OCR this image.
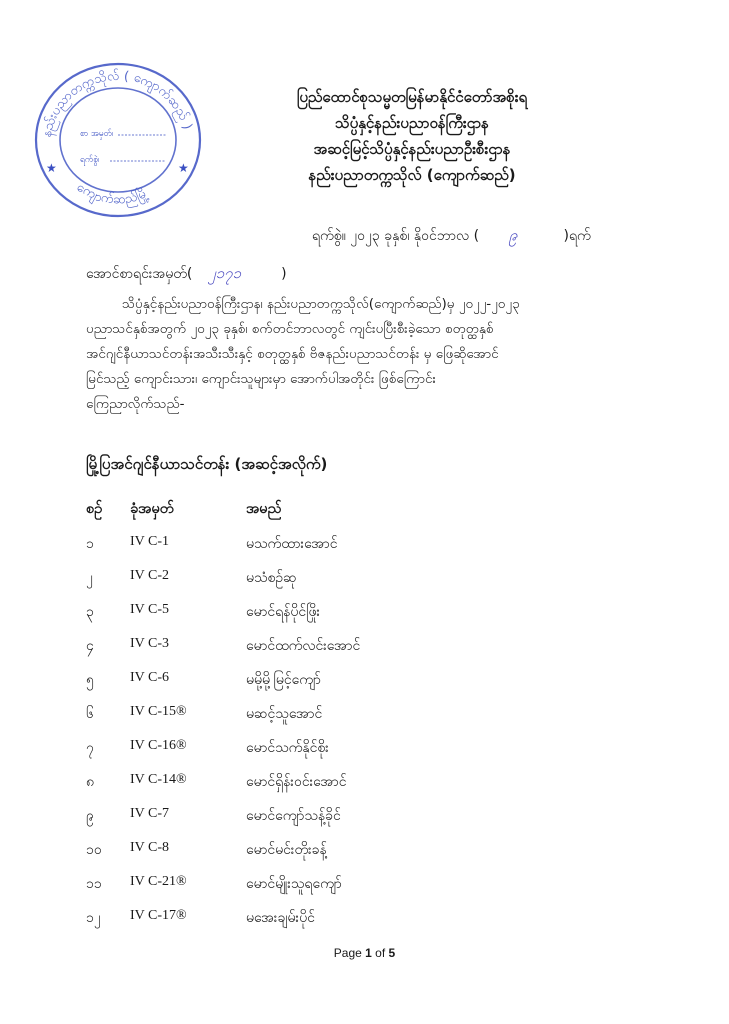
နည်းပညာတက္ကသိုလ် ( ကျောက်ဆည် )
ကျောက်ဆည်မြို့
★	★
စာ အမှတ်၊
ရက်စွဲ၊
ပြည်ထောင်စုသမ္မတမြန်မာနိုင်ငံတော်အစိုးရ
သိပ္ပံနှင့်နည်းပညာဝန်ကြီးဌာန
အဆင့်မြင့်သိပ္ပံနှင့်နည်းပညာဦးစီးဌာန
နည်းပညာတက္ကသိုလ် (ကျောက်ဆည်)
ရက်စွဲ။ ၂၀၂၃ ခုနှစ်၊ နိုဝင်ဘာလ ( ၉	)ရက်
အောင်စာရင်းအမှတ်( ၂၁၇၁	)
သိပ္ပံနှင့်နည်းပညာဝန်ကြီးဌာန၊ နည်းပညာတက္ကသိုလ်(ကျောက်ဆည်)မှ ၂၀၂၂-၂၀၂၃
ပညာသင်နှစ်အတွက် ၂၀၂၃ ခုနှစ်၊ စက်တင်ဘာလတွင် ကျင်းပပြီးစီးခဲ့သော စတုတ္ထနှစ်
အင်ဂျင်နီယာသင်တန်းအသီးသီးနှင့် စတုတ္ထနှစ် ဗိဇနည်းပညာသင်တန်း မှ ဖြေဆိုအောင်
မြင်သည့် ကျောင်းသား၊ ကျောင်းသူများမှာ အောက်ပါအတိုင်း ဖြစ်ကြောင်း
ကြေညာလိုက်သည်-
မြို့ပြအင်ဂျင်နီယာသင်တန်း (အဆင့်အလိုက်)
စဥ်	ခုံအမှတ်	အမည်
၁	IV C-1	မသက်ထားအောင်
၂	IV C-2	မသံစဥ်ဆု
၃	IV C-5	မောင်ရန်ပိုင်ဖြိုး
၄	IV C-3	မောင်ထက်လင်းအောင်
၅	IV C-6	မမို့မို့မြင့်ကျော်
၆	IV C-15®	မဆင့်သူအောင်
၇	IV C-16®	မောင်သက်နိုင်စိုး
၈	IV C-14®	မောင်ရှိန်းဝင်းအောင်
၉	IV C-7	မောင်ကျော်သန့်ခိုင်
၁၀	IV C-8	မောင်မင်းတိုးခန့်
၁၁	IV C-21®	မောင်မျိုးသူရကျော်
၁၂	IV C-17®	မအေးချမ်းပိုင်
Page 1 of 5
